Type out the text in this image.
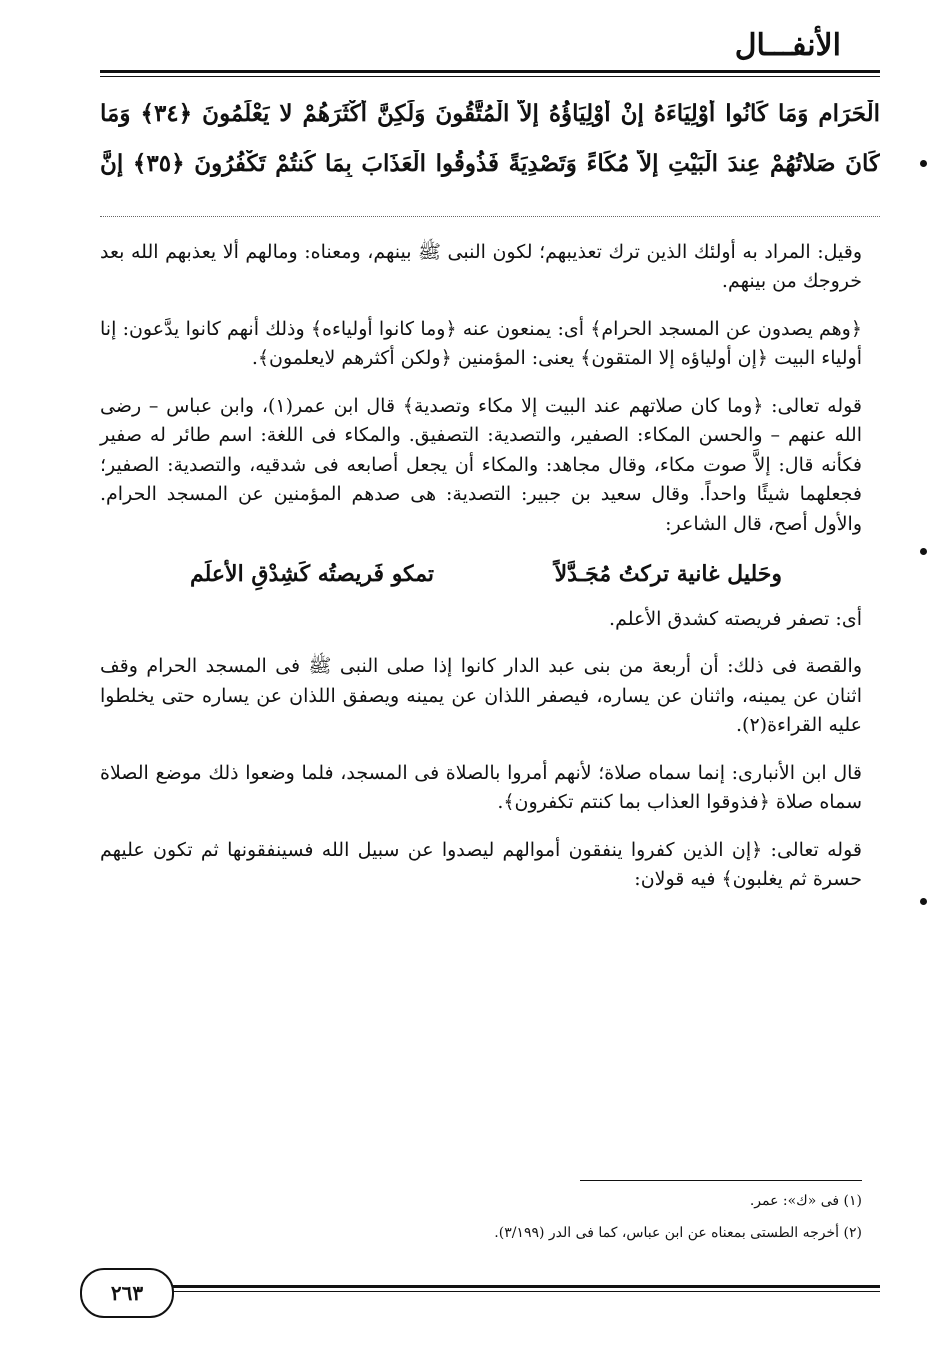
الأنفـــال
الْحَرَامِ وَمَا كَانُوا أَوْلِيَاءَهُ إِنْ أَوْلِيَاؤُهُ إِلاَّ الْمُتَّقُونَ وَلَكِنَّ أَكْثَرَهُمْ لا يَعْلَمُونَ ﴿٣٤﴾ وَمَا
كَانَ صَلاتُهُمْ عِندَ الْبَيْتِ إِلاَّ مُكَاءً وَتَصْدِيَةً فَذُوقُوا الْعَذَابَ بِمَا كُنتُمْ تَكْفُرُونَ ﴿٣٥﴾ إِنَّ

وقيل: المراد به أولئك الذين ترك تعذيبهم؛ لكون النبى ﷺ بينهم، ومعناه: ومالهم ألا يعذبهم الله بعد خروجك من بينهم.

﴿وهم يصدون عن المسجد الحرام﴾ أى: يمنعون عنه ﴿وما كانوا أولياءه﴾ وذلك أنهم كانوا يدَّعون: إنا أولياء البيت ﴿إن أولياؤه إلا المتقون﴾ يعنى: المؤمنين ﴿ولكن أكثرهم لايعلمون﴾.

قوله تعالى: ﴿وما كان صلاتهم عند البيت إلا مكاء وتصدية﴾ قال ابن عمر(١)، وابن عباس – رضى الله عنهم – والحسن المكاء: الصفير، والتصدية: التصفيق. والمكاء فى اللغة: اسم طائر له صفير فكأنه قال: إلاَّ صوت مكاء، وقال مجاهد: والمكاء أن يجعل أصابعه فى شدقيه، والتصدية: الصفير؛ فجعلهما شيئًا واحداً. وقال سعيد بن جبير: التصدية: هى صدهم المؤمنين عن المسجد الحرام. والأول أصح، قال الشاعر:

وحَليل غانية تركتُ مُجَـدَّلاً
تمكو فَريصتُه كَشِدْقِ الأعلَم

أى: تصفر فريصته كشدق الأعلم.

والقصة فى ذلك: أن أربعة من بنى عبد الدار كانوا إذا صلى النبى ﷺ فى المسجد الحرام وقف اثنان عن يمينه، واثنان عن يساره، فيصفر اللذان عن يمينه ويصفق اللذان عن يساره حتى يخلطوا عليه القراءة(٢).

قال ابن الأنبارى: إنما سماه صلاة؛ لأنهم أمروا بالصلاة فى المسجد، فلما وضعوا ذلك موضع الصلاة سماه صلاة ﴿فذوقوا العذاب بما كنتم تكفرون﴾.

قوله تعالى: ﴿إن الذين كفروا ينفقون أموالهم ليصدوا عن سبيل الله فسينفقونها ثم تكون عليهم حسرة ثم يغلبون﴾ فيه قولان:

(١) فى «ك»: عمر.

(٢) أخرجه الطستى بمعناه عن ابن عباس، كما فى الدر (٣/١٩٩).

٢٦٣
